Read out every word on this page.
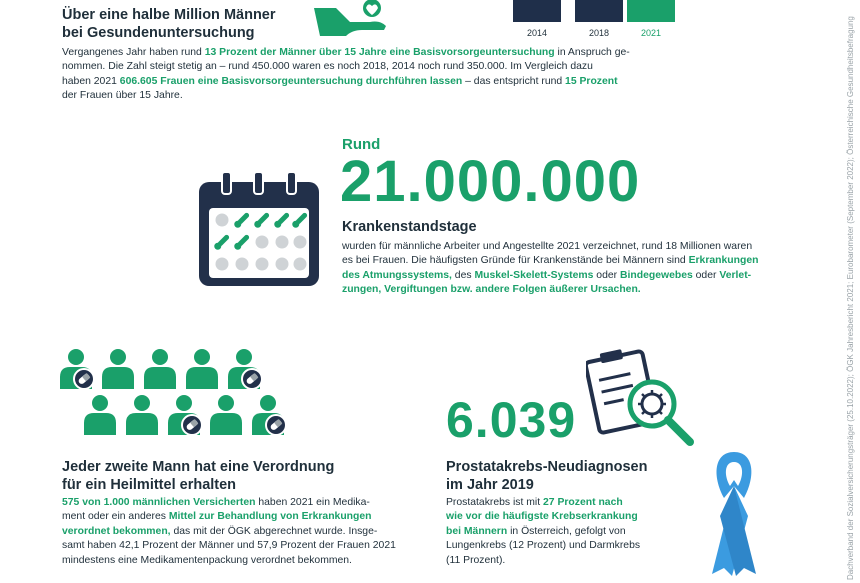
2014	2018	2021
Über eine halbe Million Männer
bei Gesundenuntersuchung
Vergangenes Jahr haben rund 13 Prozent der Männer über 15 Jahre eine Basisvorsorgeuntersuchung in Anspruch ge-
nommen. Die Zahl steigt stetig an – rund 450.000 waren es noch 2018, 2014 noch rund 350.000. Im Vergleich dazu
haben 2021 606.605 Frauen eine Basisvorsorgeuntersuchung durchführen lassen – das entspricht rund 15 Prozent
der Frauen über 15 Jahre.
Rund
21.000.000
Krankenstandstage
wurden für männliche Arbeiter und Angestellte 2021 verzeichnet, rund 18 Millionen waren
es bei Frauen. Die häufigsten Gründe für Krankenstände bei Männern sind Erkrankungen
des Atmungssystems, des Muskel-Skelett-Systems oder Bindegewebes oder Verlet-
zungen, Vergiftungen bzw. andere Folgen äußerer Ursachen.
Jeder zweite Mann hat eine Verordnung
für ein Heilmittel erhalten
575 von 1.000 männlichen Versicherten haben 2021 ein Medika-
ment oder ein anderes Mittel zur Behandlung von Erkrankungen
verordnet bekommen, das mit der ÖGK abgerechnet wurde. Insge-
samt haben 42,1 Prozent der Männer und 57,9 Prozent der Frauen 2021
mindestens eine Medikamentenpackung verordnet bekommen.
6.039
Prostatakrebs-Neudiagnosen
im Jahr 2019
Prostatakrebs ist mit 27 Prozent nach
wie vor die häufigste Krebserkrankung
bei Männern in Österreich, gefolgt von
Lungenkrebs (12 Prozent) und Darmkrebs
(11 Prozent).	Dachverband der Sozialversicherungsträger (25.10.2022); ÖGK Jahresbericht 2021; Eurobarometer (September 2022); Österreichische Gesundheitsbefragung
